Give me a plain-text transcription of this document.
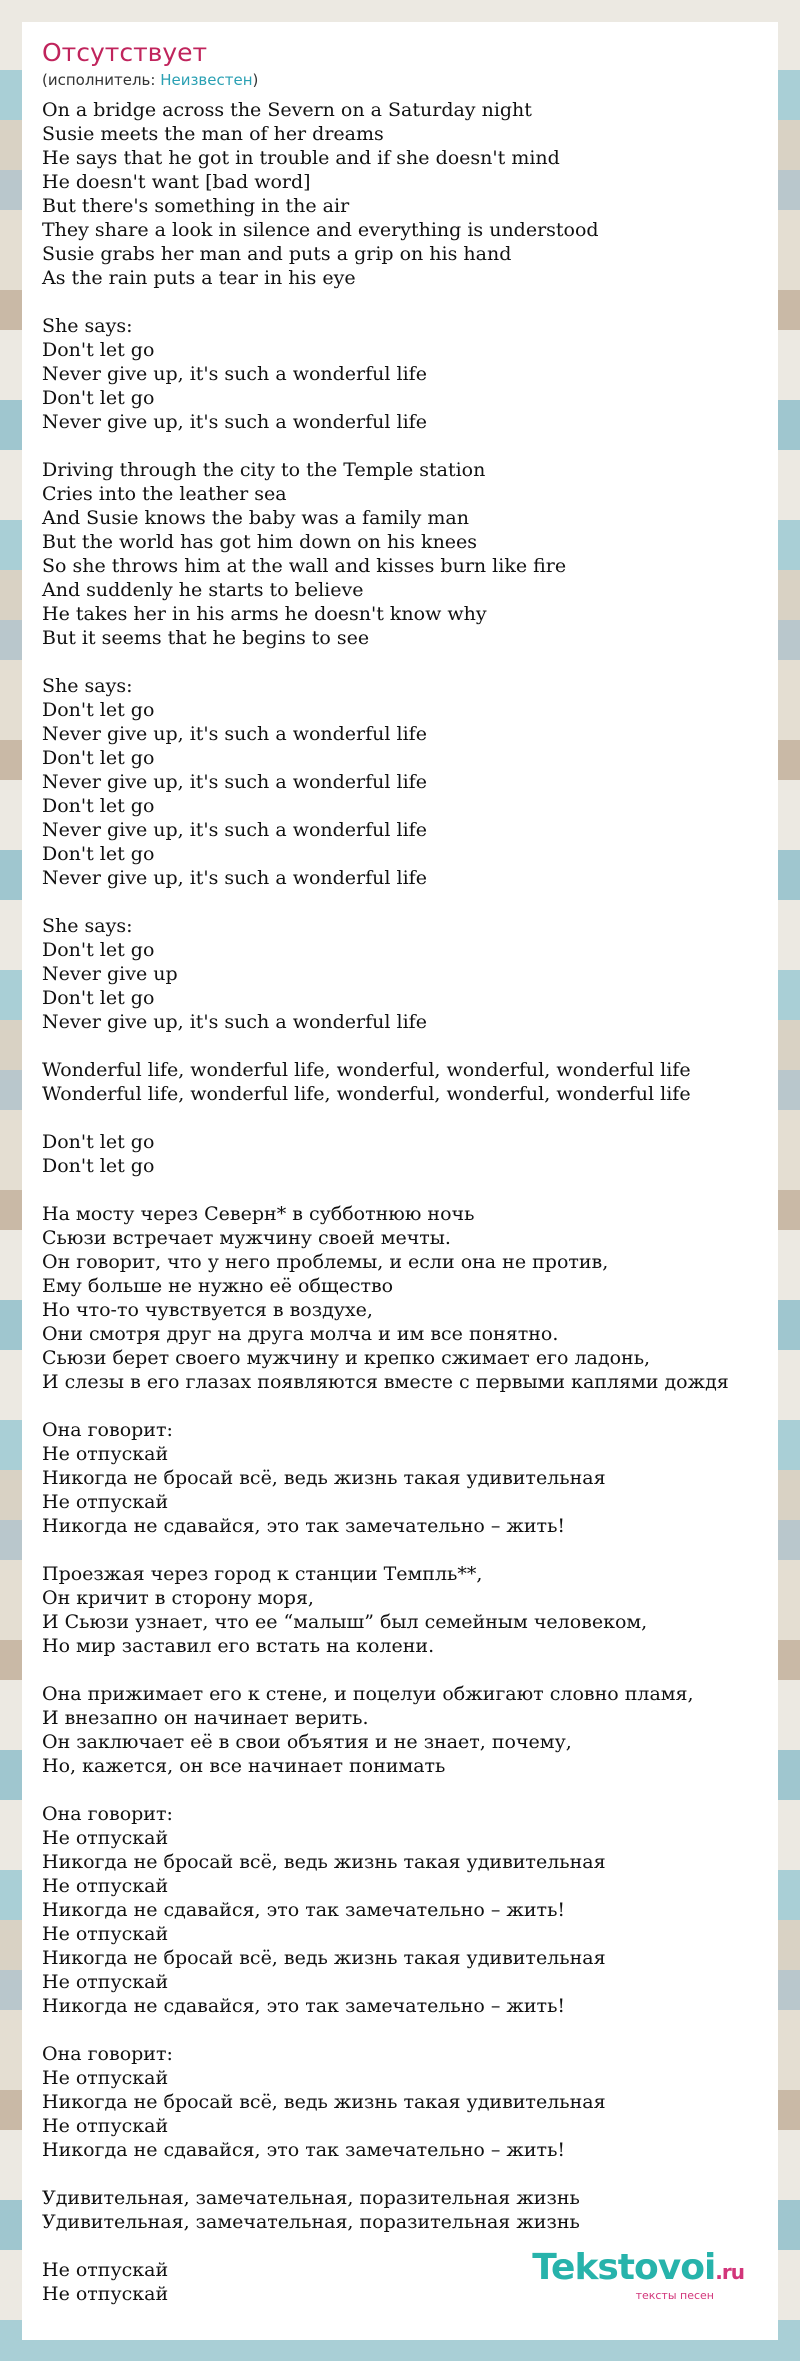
Отсутствует
(исполнитель: Неизвестен)
On a bridge across the Severn on a Saturday night
Susie meets the man of her dreams
He says that he got in trouble and if she doesn't mind
He doesn't want [bad word]
But there's something in the air
They share a look in silence and everything is understood
Susie grabs her man and puts a grip on his hand
As the rain puts a tear in his eye
She says:
Don't let go
Never give up, it's such a wonderful life
Don't let go
Never give up, it's such a wonderful life
Driving through the city to the Temple station
Cries into the leather sea
And Susie knows the baby was a family man
But the world has got him down on his knees
So she throws him at the wall and kisses burn like fire
And suddenly he starts to believe
He takes her in his arms he doesn't know why
But it seems that he begins to see
She says:
Don't let go
Never give up, it's such a wonderful life
Don't let go
Never give up, it's such a wonderful life
Don't let go
Never give up, it's such a wonderful life
Don't let go
Never give up, it's such a wonderful life
She says:
Don't let go
Never give up
Don't let go
Never give up, it's such a wonderful life
Wonderful life, wonderful life, wonderful, wonderful, wonderful life
Wonderful life, wonderful life, wonderful, wonderful, wonderful life
Don't let go
Don't let go
На мосту через Северн* в субботнюю ночь
Сьюзи встречает мужчину своей мечты.
Он говорит, что у него проблемы, и если она не против,
Ему больше не нужно её общество
Но что-то чувствуется в воздухе,
Они смотря друг на друга молча и им все понятно.
Сьюзи берет своего мужчину и крепко сжимает его ладонь,
И слезы в его глазах появляются вместе с первыми каплями дождя
Она говорит:
Не отпускай
Никогда не бросай всё, ведь жизнь такая удивительная
Не отпускай
Никогда не сдавайся, это так замечательно – жить!
Проезжая через город к станции Темпль**,
Он кричит в сторону моря,
И Сьюзи узнает, что ее “малыш” был семейным человеком,
Но мир заставил его встать на колени.
Она прижимает его к стене, и поцелуи обжигают словно пламя,
И внезапно он начинает верить.
Он заключает её в свои объятия и не знает, почему,
Но, кажется, он все начинает понимать
Она говорит:
Не отпускай
Никогда не бросай всё, ведь жизнь такая удивительная
Не отпускай
Никогда не сдавайся, это так замечательно – жить!
Не отпускай
Никогда не бросай всё, ведь жизнь такая удивительная
Не отпускай
Никогда не сдавайся, это так замечательно – жить!
Она говорит:
Не отпускай
Никогда не бросай всё, ведь жизнь такая удивительная
Не отпускай
Никогда не сдавайся, это так замечательно – жить!
Удивительная, замечательная, поразительная жизнь
Удивительная, замечательная, поразительная жизнь
Не отпускай
Не отпускай
Tekstovoi.ru
тексты песен
